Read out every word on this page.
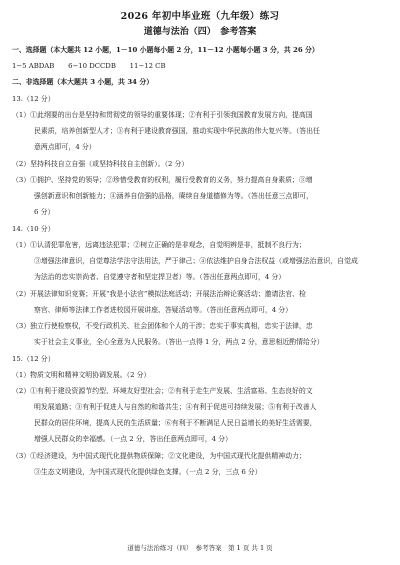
2026 年初中毕业班（九年级）练习
道德与法治（四）　参考答案
一、选择题（本大题共 12 小题，1－10 小题每小题 2 分，11－12 小题每小题 3 分，共 26 分）
1−5 ABDAB　　6−10 DCCDB　　11−12 CB
二、非选择题（本大题共 3 小题，共 34 分）
13.（12 分）
（1）①此纲要的出台是坚持和贯彻党的领导的重要体现；②有利于引领我国教育发展方向，提高国
民素质，培养创新型人才；③有利于建设教育强国，推动实现中华民族的伟大复兴等。（答出任
意两点即可，4 分）
（2）坚持科技自立自强（或坚持科技自主创新）。（2 分）
（3）①拥护、坚持党的领导；②珍惜受教育的权利，履行受教育的义务，努力提高自身素质；③增
强创新意识和创新能力；④涵养自信强的品格，赓续自身道德修为等。（答出任意三点即可，
6 分）
14.（10 分）
（1）①认清犯罪危害，远离违法犯罪；②树立正确的是非观念，自觉明辨是非，抵制不良行为；
③增强法律意识，自觉尊法学法守法用法，严于律己；④依法维护自身合法权益（或增强法治意识，自觉成
为法治的忠实崇尚者、自觉遵守者和坚定捍卫者）等。（答出任意两点即可，4 分）
（2）开展法律知识竞赛；开展“我是小法官”模拟法庭活动；开展法治辩论赛活动；邀请法官、检
察官、律师等法律工作者进校园开展讲座、答疑活动等。（答出任意两点即可，4 分）
（3）独立行使检察权，不受行政机关、社会团体和个人的干涉；忠实于事实真相，忠实于法律，忠
实于社会主义事业，全心全意为人民服务。（答出一点得 1 分，两点 2 分，意思相近酌情给分）
15.（12 分）
（1）物质文明和精神文明协调发展。（2 分）
（2）①有利于建设资源节约型、环境友好型社会；②有利于走生产发展、生活富裕、生态良好的文
明发展道路；③有利于促进人与自然的和谐共生；④有利于促进可持续发展；⑤有利于改善人
民群众的居住环境，提高人民的生活质量；⑥有利于不断满足人民日益增长的美好生活需要，
增强人民群众的幸福感。（一点 2 分，答出任意两点即可，4 分）
（3）①经济建设，为中国式现代化提供物质保障；②文化建设，为中国式现代化提供精神动力；
③生态文明建设，为中国式现代化提供绿色支撑。（一点 2 分，三点 6 分）
道德与法治练习（四）　参考答案　第 1 页 共 1 页
